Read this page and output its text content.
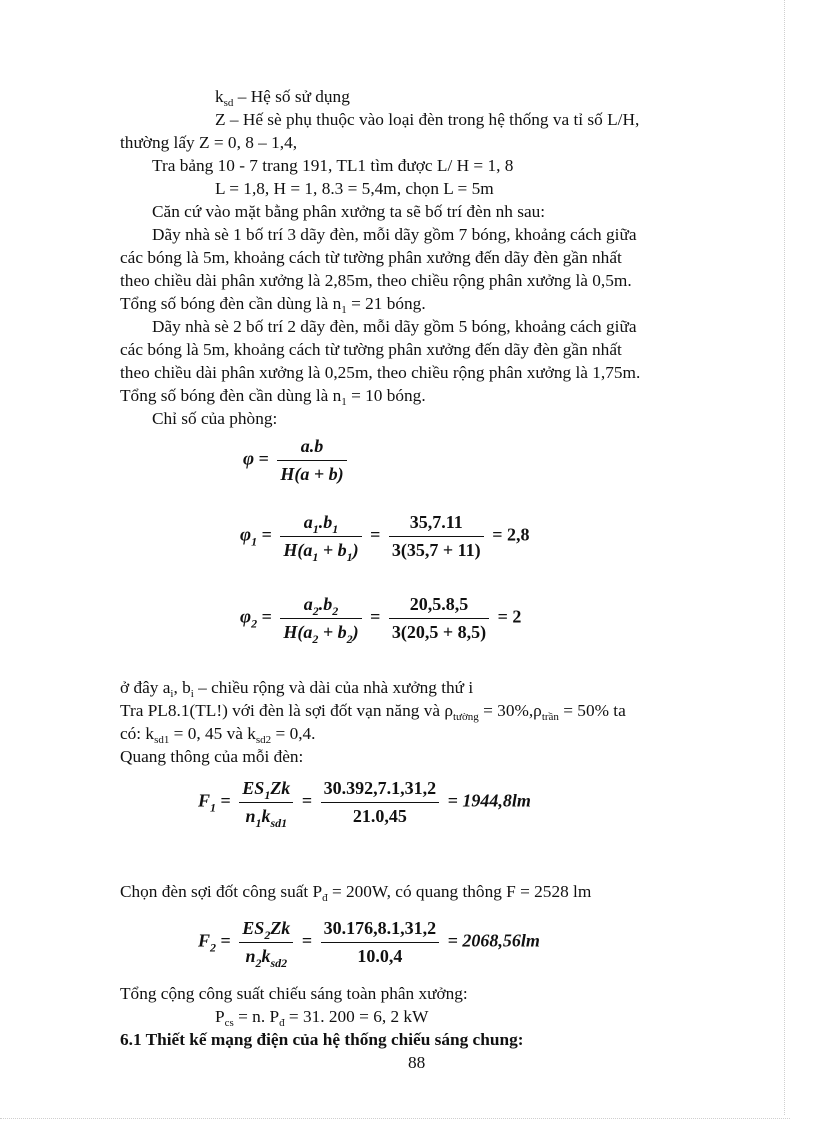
$k_{sd}$ – Hệ số sử dụng
Z – Hế sè phụ thuộc vào loại đèn trong hệ thống va tỉ số L/H,
thường lấy Z = 0, 8 – 1,4,
Tra bảng 10 - 7 trang 191, TL1 tìm được L/ H = 1, 8
L = 1,8, H = 1, 8.3 = 5,4m, chọn L = 5m
Căn cứ vào mặt bằng phân xưởng ta sẽ bố trí đèn nh sau:
Dãy nhà sè 1 bố trí 3 dãy đèn, mỗi dãy gồm 7 bóng, khoảng cách giữa
các bóng là 5m, khoảng cách từ tường phân xưởng đến dãy đèn gần nhất
theo chiều dài phân xưởng là 2,85m, theo chiều rộng phân xưởng là 0,5m.
Tổng số bóng đèn cần dùng là $n_1 = 21$ bóng.
Dãy nhà sè 2 bố trí 2 dãy đèn, mỗi dãy gồm 5 bóng, khoảng cách giữa
các bóng là 5m, khoảng cách từ tường phân xưởng đến dãy đèn gần nhất
theo chiều dài phân xưởng là 0,25m, theo chiều rộng phân xưởng là 1,75m.
Tổng số bóng đèn cần dùng là $n_1 = 10$ bóng.
Chỉ số của phòng:
$\varphi = \frac{a.b}{H(a + b)}$
$\varphi_1 = \frac{a_1.b_1}{H(a_1 + b_1)} = \frac{35,7.11}{3(35,7 + 11)} = 2,8$
$\varphi_2 = \frac{a_2.b_2}{H(a_2 + b_2)} = \frac{20,5.8,5}{3(20,5 + 8,5)} = 2$
ở đây $a_i$, $b_i$ – chiều rộng và dài của nhà xưởng thứ i
Tra PL8.1(TL!) với đèn là sợi đốt vạn năng và $\rho_{tường} = 30\%,\rho_{trần} = 50\%$ ta
có: $k_{sd1} = 0$, 45 và $k_{sd2} = 0,4$.
Quang thông của mỗi đèn:
$F_1 = \frac{ES_1Zk}{n_1k_{sd1}} = \frac{30.392,7.1,31,2}{21.0,45} = 1944,8lm$
Chọn đèn sợi đốt công suất $P_đ = 200W$, có quang thông F = 2528 lm
$F_2 = \frac{ES_2Zk}{n_2k_{sd2}} = \frac{30.176,8.1,31,2}{10.0,4} = 2068,56lm$
Tổng cộng công suất chiếu sáng toàn phân xưởng:
$P_{cs} = n$. $P_đ = 31$. 200 = 6, 2 kW
6.1 Thiết kế mạng điện của hệ thống chiếu sáng chung:
88
